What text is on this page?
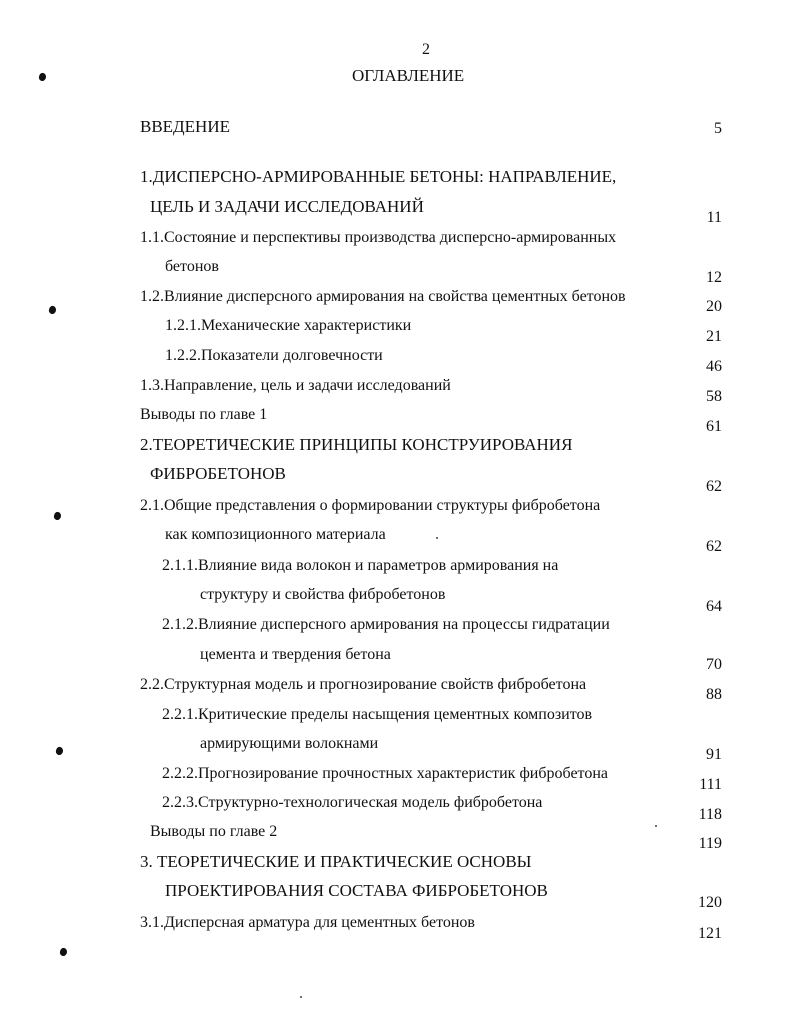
2
ОГЛАВЛЕНИЕ
ВВЕДЕНИЕ	5
1.ДИСПЕРСНО-АРМИРОВАННЫЕ БЕТОНЫ: НАПРАВЛЕНИЕ,
ЦЕЛЬ И ЗАДАЧИ ИССЛЕДОВАНИЙ
11
1.1.Состояние и перспективы производства дисперсно-армированных
бетонов
12
1.2.Влияние дисперсного армирования на свойства цементных бетонов
20
1.2.1.Механические характеристики
21
1.2.2.Показатели долговечности
46
1.3.Направление, цель и задачи исследований
58
Выводы по главе 1
61
2.ТЕОРЕТИЧЕСКИЕ ПРИНЦИПЫ КОНСТРУИРОВАНИЯ
ФИБРОБЕТОНОВ
62
2.1.Общие представления о формировании структуры фибробетона
как композиционного материала
62
2.1.1.Влияние вида волокон и параметров армирования на
структуру и свойства фибробетонов
64
2.1.2.Влияние дисперсного армирования на процессы гидратации
цемента и твердения бетона
70
2.2.Структурная модель и прогнозирование свойств фибробетона
88
2.2.1.Критические пределы насыщения цементных композитов
армирующими волокнами
91
2.2.2.Прогнозирование прочностных характеристик фибробетона
111
2.2.3.Структурно-технологическая модель фибробетона
118
Выводы по главе 2
119
3. ТЕОРЕТИЧЕСКИЕ И ПРАКТИЧЕСКИЕ ОСНОВЫ
ПРОЕКТИРОВАНИЯ СОСТАВА ФИБРОБЕТОНОВ
120
3.1.Дисперсная арматура для цементных бетонов
121
